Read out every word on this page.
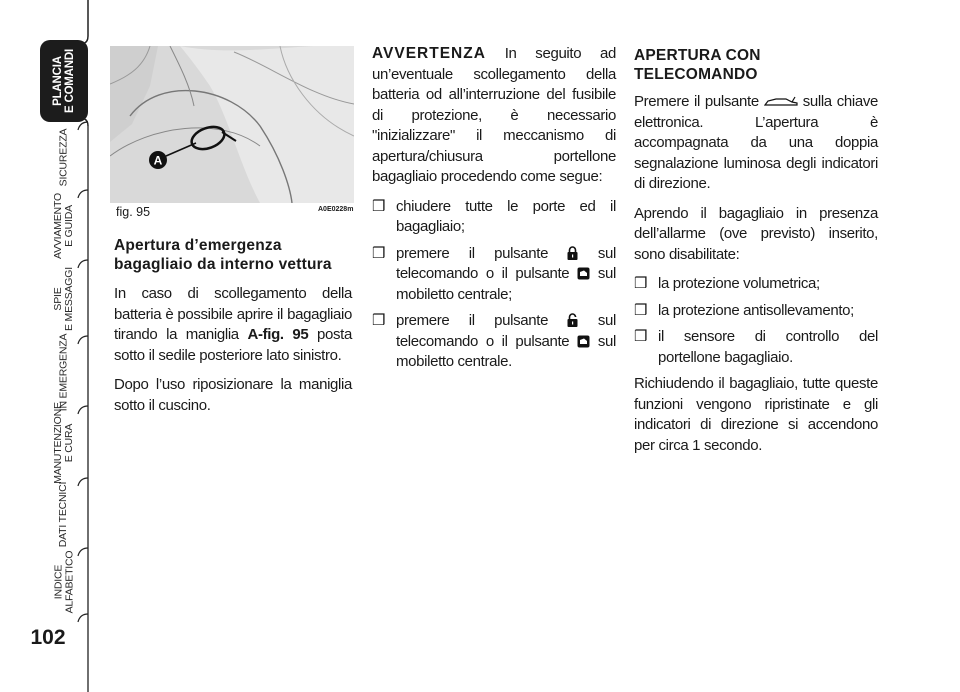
PLANCIA
E COMANDI
SICUREZZA
AVVIAMENTO
E GUIDA
SPIE
E MESSAGGI
IN EMERGENZA
MANUTENZIONE
E CURA
DATI TECNICI
INDICE
ALFABETICO
102
A
fig. 95	A0E0228m
Apertura d’emergenza bagagliaio da interno vettura

In caso di scollegamento della batteria è possibile aprire il bagagliaio tirando la maniglia A-fig. 95 posta sotto il sedile posteriore lato sinistro.

Dopo l’uso riposizionare la maniglia sotto il cuscino.

AVVERTENZA In seguito ad un’eventuale scollegamento della batteria od all’interruzione del fusibile di protezione, è necessario "inizializzare" il meccanismo di apertura/chiusura portellone bagagliaio procedendo come segue:

❒ chiudere tutte le porte ed il bagagliaio;
❒ premere il pulsante  sul telecomando o il pulsante  sul mobiletto centrale;
❒ premere il pulsante  sul telecomando o il pulsante  sul mobiletto centrale.
APERTURA CON TELECOMANDO

Premere il pulsante  sulla chiave elettronica. L’apertura è accompagnata da una doppia segnalazione luminosa degli indicatori di direzione.

Aprendo il bagagliaio in presenza dell’allarme (ove previsto) inserito, sono disabilitate:

❒ la protezione volumetrica;
❒ la protezione antisollevamento;
❒ il sensore di controllo del portellone bagagliaio.

Richiudendo il bagagliaio, tutte queste funzioni vengono ripristinate e gli indicatori di direzione si accendono per circa 1 secondo.
